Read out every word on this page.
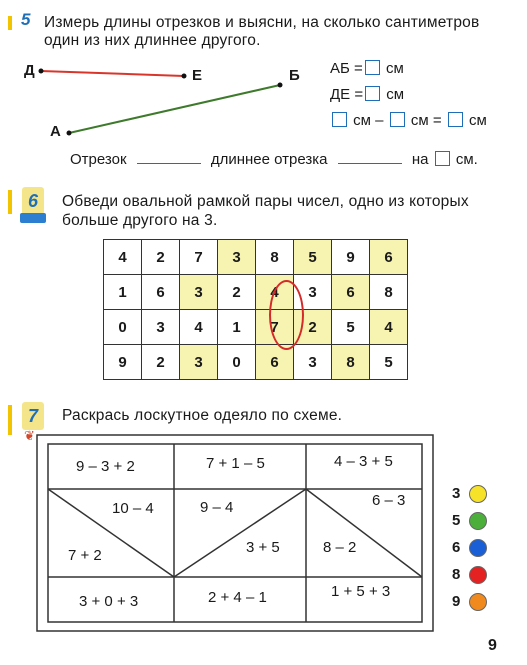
5 Измерь длины отрезков и выясни, на сколько сантиметров
один из них длиннее другого.
Д	Е	Б
А
АБ = см
ДЕ = см
см – см = см
Отрезок	длиннее отрезка	на см.
6	Обведи овальной рамкой пары чисел, одно из которых
больше другого на 3.
4	2	7	3	8	5	9	6
1	6	3	2	4	3	6	8
0	3	4	1	7	2	5	4
9	2	3	0	6	3	8	5
7
❦
Раскрась лоскутное одеяло по схеме.
9 – 3 + 2	7 + 1 – 5	4 – 3 + 5
10 – 4	9 – 4	6 – 3
7 + 2	3 + 5	8 – 2
3 + 0 + 3	2 + 4 – 1	1 + 5 + 3
3
5
6
8
9
9
